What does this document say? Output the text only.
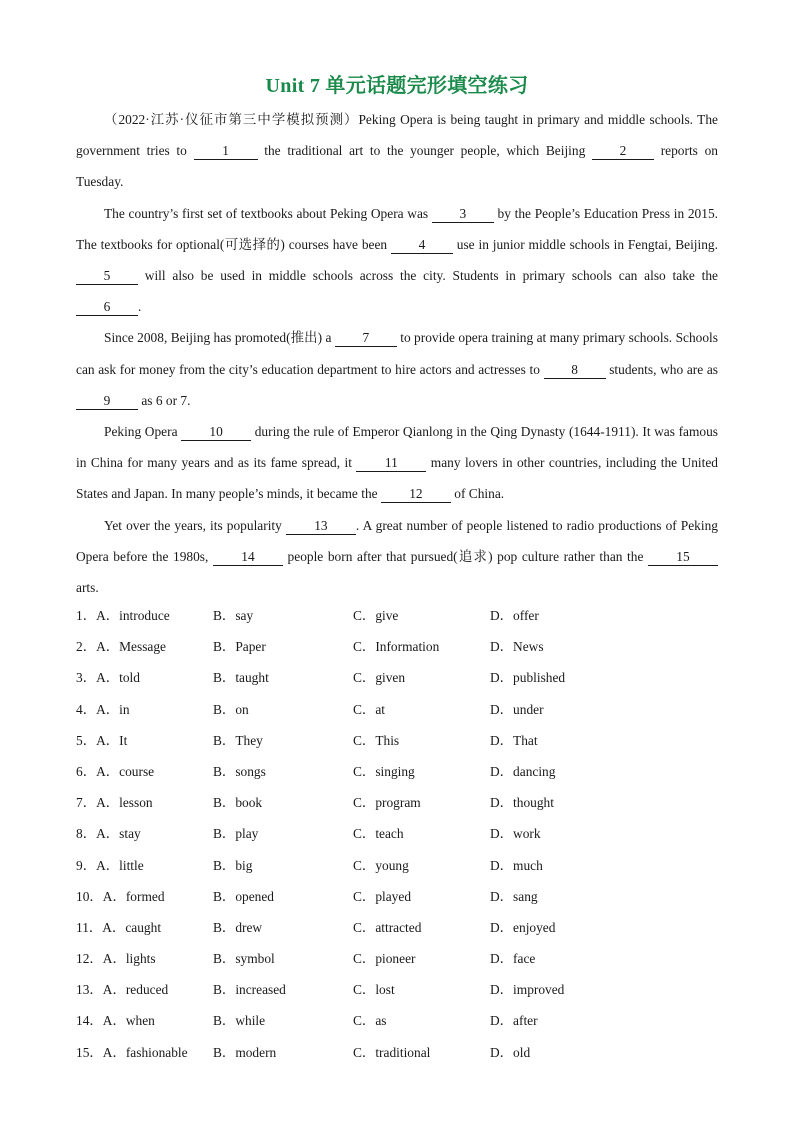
Unit 7 单元话题完形填空练习

（2022·江苏·仪征市第三中学模拟预测）Peking Opera is being taught in primary and middle schools. The government tries to 1 the traditional art to the younger people, which Beijing 2 reports on Tuesday.

The country’s first set of textbooks about Peking Opera was 3 by the People’s Education Press in 2015. The textbooks for optional(可选择的) courses have been 4 use in junior middle schools in Fengtai, Beijing. 5 will also be used in middle schools across the city. Students in primary schools can also take the 6 .

Since 2008, Beijing has promoted(推出) a 7 to provide opera training at many primary schools. Schools can ask for money from the city’s education department to hire actors and actresses to 8 students, who are as 9 as 6 or 7.

Peking Opera 10 during the rule of Emperor Qianlong in the Qing Dynasty (1644-1911). It was famous in China for many years and as its fame spread, it 11 many lovers in other countries, including the United States and Japan. In many people’s minds, it became the 12 of China.

Yet over the years, its popularity 13 . A great number of people listened to radio productions of Peking Opera before the 1980s, 14 people born after that pursued(追求) pop culture rather than the 15 arts.

1．A．introduce	B．say	C．give	D．offer
2．A．Message	B．Paper	C．Information	D．News
3．A．told	B．taught	C．given	D．published
4．A．in	B．on	C．at	D．under
5．A．It	B．They	C．This	D．That
6．A．course	B．songs	C．singing	D．dancing
7．A．lesson	B．book	C．program	D．thought
8．A．stay	B．play	C．teach	D．work
9．A．little	B．big	C．young	D．much
10．A．formed	B．opened	C．played	D．sang
11．A．caught	B．drew	C．attracted	D．enjoyed
12．A．lights	B．symbol	C．pioneer	D．face
13．A．reduced	B．increased	C．lost	D．improved
14．A．when	B．while	C．as	D．after
15．A．fashionable B．modern	C．traditional	D．old
